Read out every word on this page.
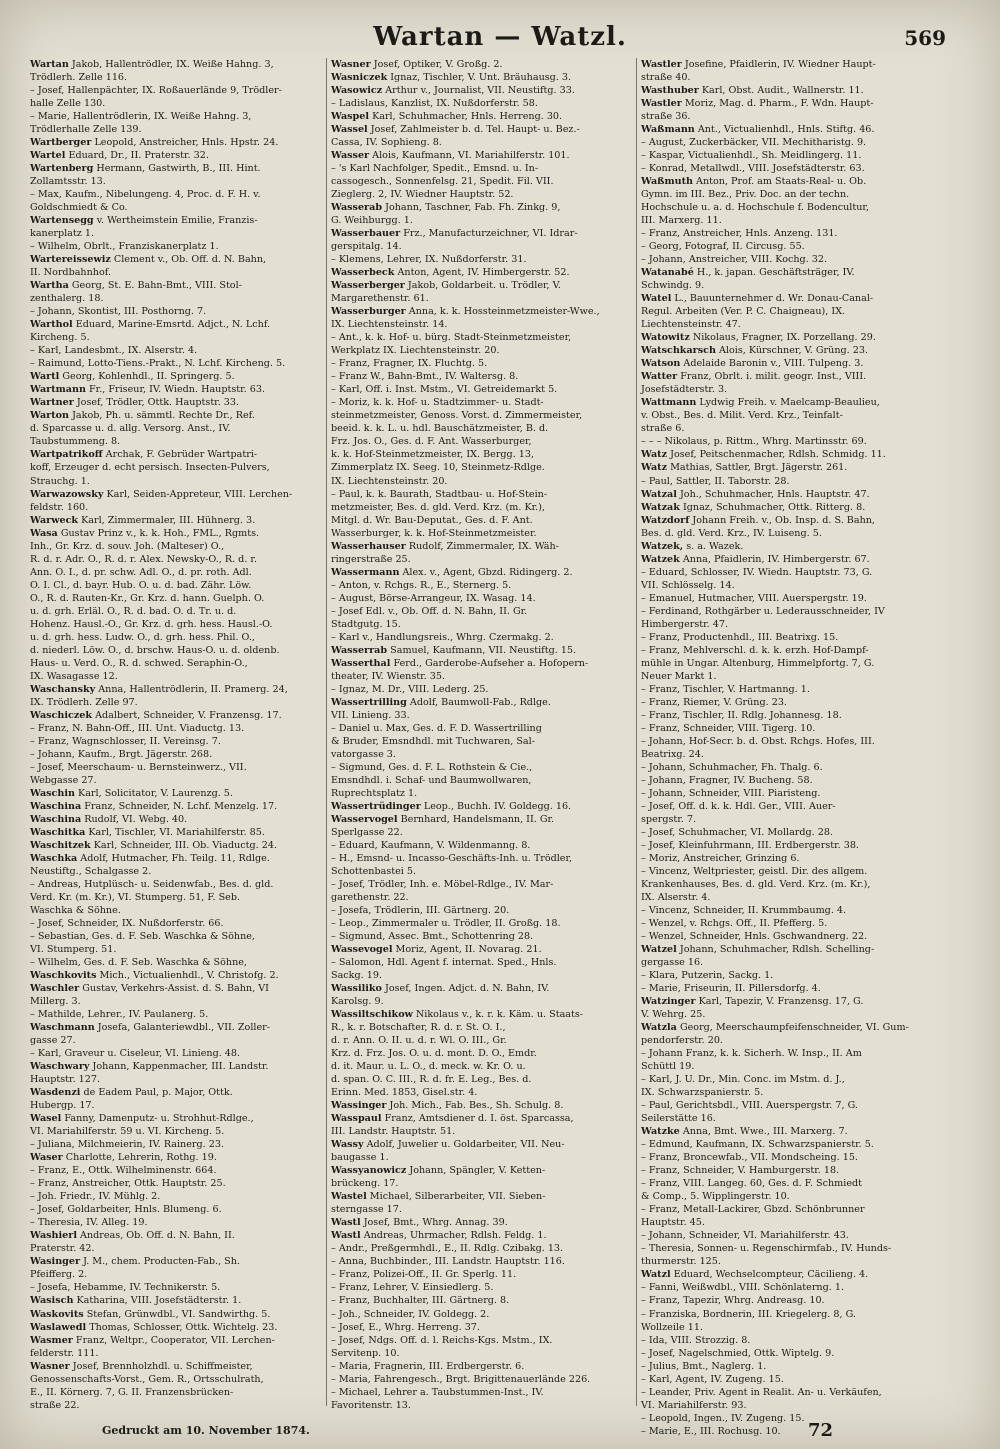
Wartan — Watzl.	569
Wartan Jakob, Hallentrödler, IX. Weiße Hahng. 3,
Trödlerh. Zelle 116.
– Josef, Hallenpächter, IX. Roßauerlände 9, Trödler-
halle Zelle 130.
– Marie, Hallentrödlerin, IX. Weiße Hahng. 3,
Trödlerhalle Zelle 139.
Wartberger Leopold, Anstreicher, Hnls. Hpstr. 24.
Wartel Eduard, Dr., II. Praterstr. 32.
Wartenberg Hermann, Gastwirth, B., III. Hint.
Zollamtsstr. 13.
– Max, Kaufm., Nibelungeng. 4, Proc. d. F. H. v.
Goldschmiedt & Co.
Wartensegg v. Wertheimstein Emilie, Franzis-
kanerplatz 1.
– Wilhelm, Obrlt., Franziskanerplatz 1.
Wartereissewiz Clement v., Ob. Off. d. N. Bahn,
II. Nordbahnhof.
Wartha Georg, St. E. Bahn-Bmt., VIII. Stol-
zenthalerg. 18.
– Johann, Skontist, III. Posthorng. 7.
Warthol Eduard, Marine-Emsrtd. Adjct., N. Lchf.
Kircheng. 5.
– Karl, Landesbmt., IX. Alserstr. 4.
– Raimund, Lotto-Tiens.-Prakt., N. Lchf. Kircheng. 5.
Wartl Georg, Kohlenhdl., II. Springerg. 5.
Wartmann Fr., Friseur, IV. Wiedn. Hauptstr. 63.
Wartner Josef, Trödler, Ottk. Hauptstr. 33.
Warton Jakob, Ph. u. sämmtl. Rechte Dr., Ref.
d. Sparcasse u. d. allg. Versorg. Anst., IV.
Taubstummeng. 8.
Wartpatrikoff Archak, F. Gebrüder Wartpatri-
koff, Erzeuger d. echt persisch. Insecten-Pulvers,
Strauchg. 1.
Warwazowsky Karl, Seiden-Appreteur, VIII. Lerchen-
feldstr. 160.
Warweck Karl, Zimmermaler, III. Hühnerg. 3.
Wasa Gustav Prinz v., k. k. Hoh., FML., Rgmts.
Inh., Gr. Krz. d. souv. Joh. (Malteser) O.,
R. d. r. Adr. O., R. d. r. Alex. Newsky-O., R. d. r.
Ann. O. I., d. pr. schw. Adl. O., d. pr. roth. Adl.
O. I. Cl., d. bayr. Hub. O. u. d. bad. Zähr. Löw.
O., R. d. Rauten-Kr., Gr. Krz. d. hann. Guelph. O.
u. d. grh. Erläl. O., R. d. bad. O. d. Tr. u. d.
Hohenz. Hausl.-O., Gr. Krz. d. grh. hess. Hausl.-O.
u. d. grh. hess. Ludw. O., d. grh. hess. Phil. O.,
d. niederl. Löw. O., d. brschw. Haus-O. u. d. oldenb.
Haus- u. Verd. O., R. d. schwed. Seraphin-O.,
IX. Wasagasse 12.
Waschansky Anna, Hallentrödlerin, II. Pramerg. 24,
IX. Trödlerh. Zelle 97.
Waschiczek Adalbert, Schneider, V. Franzensg. 17.
– Franz, N. Bahn-Off., III. Unt. Viaductg. 13.
– Franz, Wagnschlosser, II. Vereinsg. 7.
– Johann, Kaufm., Brgt. Jägerstr. 268.
– Josef, Meerschaum- u. Bernsteinwerz., VII.
Webgasse 27.
Waschin Karl, Solicitator, V. Laurenzg. 5.
Waschina Franz, Schneider, N. Lchf. Menzelg. 17.
Waschina Rudolf, VI. Webg. 40.
Waschitka Karl, Tischler, VI. Mariahilferstr. 85.
Waschitzek Karl, Schneider, III. Ob. Viaductg. 24.
Waschka Adolf, Hutmacher, Fh. Teilg. 11, Rdlge.
Neustiftg., Schalgasse 2.
– Andreas, Hutplüsch- u. Seidenwfab., Bes. d. gld.
Verd. Kr. (m. Kr.), VI. Stumperg. 51, F. Seb.
Waschka & Söhne.
– Josef, Schneider, IX. Nußdorferstr. 66.
– Sebastian, Ges. d. F. Seb. Waschka & Söhne,
VI. Stumperg. 51.
– Wilhelm, Ges. d. F. Seb. Waschka & Söhne,
Waschkovits Mich., Victualienhdl., V. Christofg. 2.
Waschler Gustav, Verkehrs-Assist. d. S. Bahn, VI
Millerg. 3.
– Mathilde, Lehrer., IV. Paulanerg. 5.
Waschmann Josefa, Galanteriewdbl., VII. Zoller-
gasse 27.
– Karl, Graveur u. Ciseleur, VI. Linieng. 48.
Waschwary Johann, Kappenmacher, III. Landstr.
Hauptstr. 127.
Wasdenzi de Eadem Paul, p. Major, Ottk.
Hubergp. 17.
Wasel Fanny, Damenputz- u. Strohhut-Rdlge.,
VI. Mariahilferstr. 59 u. VI. Kircheng. 5.
– Juliana, Milchmeierin, IV. Rainerg. 23.
Waser Charlotte, Lehrerin, Rothg. 19.
– Franz, E., Ottk. Wilhelminenstr. 664.
– Franz, Anstreicher, Ottk. Hauptstr. 25.
– Joh. Friedr., IV. Mühlg. 2.
– Josef, Goldarbeiter, Hnls. Blumeng. 6.
– Theresia, IV. Alleg. 19.
Washierl Andreas, Ob. Off. d. N. Bahn, II.
Praterstr. 42.
Wasinger J. M., chem. Producten-Fab., Sh.
Pfeifferg. 2.
– Josefa, Hebamme, IV. Technikerstr. 5.
Wasisch Katharina, VIII. Josefstädterstr. 1.
Waskovits Stefan, Grünwdbl., VI. Sandwirthg. 5.
Waslawedl Thomas, Schlosser, Ottk. Wichtelg. 23.
Wasmer Franz, Weltpr., Cooperator, VII. Lerchen-
felderstr. 111.
Wasner Josef, Brennholzhdl. u. Schiffmeister,
Genossenschafts-Vorst., Gem. R., Ortsschulrath,
E., II. Körnerg. 7, G. II. Franzensbrücken-
straße 22.
Wasner Josef, Optiker, V. Großg. 2.
Wasniczek Ignaz, Tischler, V. Unt. Bräuhausg. 3.
Wasowicz Arthur v., Journalist, VII. Neustiftg. 33.
– Ladislaus, Kanzlist, IX. Nußdorferstr. 58.
Waspel Karl, Schuhmacher, Hnls. Herreng. 30.
Wassel Josef, Zahlmeister b. d. Tel. Haupt- u. Bez.-
Cassa, IV. Sophieng. 8.
Wasser Alois, Kaufmann, VI. Mariahilferstr. 101.
– 's Karl Nachfolger, Spedit., Emsnd. u. In-
cassogesch., Sonnenfelsg. 21, Spedit. Fil. VII.
Zieglerg. 2, IV. Wiedner Hauptstr. 52.
Wasserab Johann, Taschner, Fab. Fh. Zinkg. 9,
G. Weihburgg. 1.
Wasserbauer Frz., Manufacturzeichner, VI. Idrar-
gerspitalg. 14.
– Klemens, Lehrer, IX. Nußdorferstr. 31.
Wasserbeck Anton, Agent, IV. Himbergerstr. 52.
Wasserberger Jakob, Goldarbeit. u. Trödler, V.
Margarethenstr. 61.
Wasserburger Anna, k. k. Hossteinmetzmeister-Wwe.,
IX. Liechtensteinstr. 14.
– Ant., k. k. Hof- u. bürg. Stadt-Steinmetzmeister,
Werkplatz IX. Liechtensteinstr. 20.
– Franz, Fragner, IX. Fluchtg. 5.
– Franz W., Bahn-Bmt., IV. Waltersg. 8.
– Karl, Off. i. Inst. Mstm., VI. Getreidemarkt 5.
– Moriz, k. k. Hof- u. Stadtzimmer- u. Stadt-
steinmetzmeister, Genoss. Vorst. d. Zimmermeister,
beeid. k. k. L. u. hdl. Bauschätzmeister, B. d.
Frz. Jos. O., Ges. d. F. Ant. Wasserburger,
k. k. Hof-Steinmetzmeister, IX. Bergg. 13,
Zimmerplatz IX. Seeg. 10, Steinmetz-Rdlge.
IX. Liechtensteinstr. 20.
– Paul, k. k. Baurath, Stadtbau- u. Hof-Stein-
metzmeister, Bes. d. gld. Verd. Krz. (m. Kr.),
Mitgl. d. Wr. Bau-Deputat., Ges. d. F. Ant.
Wasserburger, k. k. Hof-Steinmetzmeister.
Wasserhauser Rudolf, Zimmermaler, IX. Wäh-
ringerstraße 25.
Wassermann Alex. v., Agent, Gbzd. Ridingerg. 2.
– Anton, v. Rchgs. R., E., Sternerg. 5.
– August, Börse-Arrangeur, IX. Wasag. 14.
– Josef Edl. v., Ob. Off. d. N. Bahn, II. Gr.
Stadtgutg. 15.
– Karl v., Handlungsreis., Whrg. Czermakg. 2.
Wasserrab Samuel, Kaufmann, VII. Neustiftg. 15.
Wasserthal Ferd., Garderobe-Aufseher a. Hofopern-
theater, IV. Wienstr. 35.
– Ignaz, M. Dr., VIII. Lederg. 25.
Wassertrilling Adolf, Baumwoll-Fab., Rdlge.
VII. Linieng. 33.
– Daniel u. Max, Ges. d. F. D. Wassertrilling
& Bruder, Emsndhdl. mit Tuchwaren, Sal-
vatorgasse 3.
– Sigmund, Ges. d. F. L. Rothstein & Cie.,
Emsndhdl. i. Schaf- und Baumwollwaren,
Ruprechtsplatz 1.
Wassertrüdinger Leop., Buchh. IV. Goldegg. 16.
Wasservogel Bernhard, Handelsmann, II. Gr.
Sperlgasse 22.
– Eduard, Kaufmann, V. Wildenmanng. 8.
– H., Emsnd- u. Incasso-Geschäfts-Inh. u. Trödler,
Schottenbastei 5.
– Josef, Trödler, Inh. e. Möbel-Rdlge., IV. Mar-
garethenstr. 22.
– Josefa, Trödlerin, III. Gärtnerg. 20.
– Leop., Zimmermaler u. Trödler, II. Großg. 18.
– Sigmund, Assec. Bmt., Schottenring 28.
Wassevogel Moriz, Agent, II. Novarag. 21.
– Salomon, Hdl. Agent f. internat. Sped., Hnls.
Sackg. 19.
Wassiliko Josef, Ingen. Adjct. d. N. Bahn, IV.
Karolsg. 9.
Wassiltschikow Nikolaus v., k. r. k. Käm. u. Staats-
R., k. r. Botschafter, R. d. r. St. O. I.,
d. r. Ann. O. II. u. d. r. Wl. O. III., Gr.
Krz. d. Frz. Jos. O. u. d. mont. D. O., Emdr.
d. it. Maur. u. L. O., d. meck. w. Kr. O. u.
d. span. O. C. III., R. d. fr. E. Leg., Bes. d.
Erinn. Med. 1853, Gisel.str. 4.
Wassinger Joh. Mich., Fab. Bes., Sh. Schulg. 8.
Wasspaul Franz, Amtsdiener d. I. öst. Sparcassa,
III. Landstr. Hauptstr. 51.
Wassy Adolf, Juwelier u. Goldarbeiter, VII. Neu-
baugasse 1.
Wassyanowicz Johann, Spängler, V. Ketten-
brückeng. 17.
Wastel Michael, Silberarbeiter, VII. Sieben-
sterngasse 17.
Wastl Josef, Bmt., Whrg. Annag. 39.
Wastl Andreas, Uhrmacher, Rdlsh. Feldg. 1.
– Andr., Preßgermhdl., E., II. Rdlg. Czibakg. 13.
– Anna, Buchbinder., III. Landstr. Hauptstr. 116.
– Franz, Polizei-Off., II. Gr. Sperlg. 11.
– Franz, Lehrer, V. Einsiedlerg. 5.
– Franz, Buchhalter, III. Gärtnerg. 8.
– Joh., Schneider, IV. Goldegg. 2.
– Josef, E., Whrg. Herreng. 37.
– Josef, Ndgs. Off. d. l. Reichs-Kgs. Mstm., IX.
Servitenp. 10.
– Maria, Fragnerin, III. Erdbergerstr. 6.
– Maria, Fahrengesch., Brgt. Brigittenauerlände 226.
– Michael, Lehrer a. Taubstummen-Inst., IV.
Favoritenstr. 13.
Wastler Josefine, Pfaidlerin, IV. Wiedner Haupt-
straße 40.
Wasthuber Karl, Obst. Audit., Wallnerstr. 11.
Wastler Moriz, Mag. d. Pharm., F. Wdn. Haupt-
straße 36.
Waßmann Ant., Victualienhdl., Hnls. Stiftg. 46.
– August, Zuckerbäcker, VII. Mechitharistg. 9.
– Kaspar, Victualienhdl., Sh. Meidlingerg. 11.
– Konrad, Metallwdl., VIII. Josefstädterstr. 63.
Waßmuth Anton, Prof. am Staats-Real- u. Ob.
Gymn. im III. Bez., Priv. Doc. an der techn.
Hochschule u. a. d. Hochschule f. Bodencultur,
III. Marxerg. 11.
– Franz, Anstreicher, Hnls. Anzeng. 131.
– Georg, Fotograf, II. Circusg. 55.
– Johann, Anstreicher, VIII. Kochg. 32.
Watanabé H., k. japan. Geschäftsträger, IV.
Schwindg. 9.
Watel L., Bauunternehmer d. Wr. Donau-Canal-
Regul. Arbeiten (Ver. P. C. Chaigneau), IX.
Liechtensteinstr. 47.
Watowitz Nikolaus, Fragner, IX. Porzellang. 29.
Watschkarsch Alois, Kürschner, V. Grüng. 23.
Watson Adelaide Baronin v., VIII. Tulpeng. 3.
Watter Franz, Obrlt. i. milit. geogr. Inst., VIII.
Josefstädterstr. 3.
Wattmann Lydwig Freih. v. Maelcamp-Beaulieu,
v. Obst., Bes. d. Milit. Verd. Krz., Teinfalt-
straße 6.
– – – Nikolaus, p. Rittm., Whrg. Martinsstr. 69.
Watz Josef, Peitschenmacher, Rdlsh. Schmidg. 11.
Watz Mathias, Sattler, Brgt. Jägerstr. 261.
– Paul, Sattler, II. Taborstr. 28.
Watzal Joh., Schuhmacher, Hnls. Hauptstr. 47.
Watzak Ignaz, Schuhmacher, Ottk. Ritterg. 8.
Watzdorf Johann Freih. v., Ob. Insp. d. S. Bahn,
Bes. d. gld. Verd. Krz., IV. Luiseng. 5.
Watzek, s. a. Wazek.
Watzek Anna, Pfaidlerin, IV. Himbergerstr. 67.
– Eduard, Schlosser, IV. Wiedn. Hauptstr. 73, G.
VII. Schlösselg. 14.
– Emanuel, Hutmacher, VIII. Auerspergstr. 19.
– Ferdinand, Rothgärber u. Lederausschneider, IV
Himbergerstr. 47.
– Franz, Productenhdl., III. Beatrixg. 15.
– Franz, Mehlverschl. d. k. k. erzh. Hof-Dampf-
mühle in Ungar. Altenburg, Himmelpfortg. 7, G.
Neuer Markt 1.
– Franz, Tischler, V. Hartmanng. 1.
– Franz, Riemer, V. Grüng. 23.
– Franz, Tischler, II. Rdlg. Johannesg. 18.
– Franz, Schneider, VIII. Tigerg. 10.
– Johann, Hof-Secr. b. d. Obst. Rchgs. Hofes, III.
Beatrixg. 24.
– Johann, Schuhmacher, Fh. Thalg. 6.
– Johann, Fragner, IV. Bucheng. 58.
– Johann, Schneider, VIII. Piaristeng.
– Josef, Off. d. k. k. Hdl. Ger., VIII. Auer-
spergstr. 7.
– Josef, Schuhmacher, VI. Mollardg. 28.
– Josef, Kleinfuhrmann, III. Erdbergerstr. 38.
– Moriz, Anstreicher, Grinzing 6.
– Vincenz, Weltpriester, geistl. Dir. des allgem.
Krankenhauses, Bes. d. gld. Verd. Krz. (m. Kr.),
IX. Alserstr. 4.
– Vincenz, Schneider, II. Krummbaumg. 4.
– Wenzel, v. Rchgs. Off., II. Pfefferg. 5.
– Wenzel, Schneider, Hnls. Gschwandnerg. 22.
Watzel Johann, Schuhmacher, Rdlsh. Schelling-
gergasse 16.
– Klara, Putzerin, Sackg. 1.
– Marie, Friseurin, II. Pillersdorfg. 4.
Watzinger Karl, Tapezir, V. Franzensg. 17, G.
V. Wehrg. 25.
Watzla Georg, Meerschaumpfeifenschneider, VI. Gum-
pendorferstr. 20.
– Johann Franz, k. k. Sicherh. W. Insp., II. Am
Schüttl 19.
– Karl, J. U. Dr., Min. Conc. im Mstm. d. J.,
IX. Schwarzspanierstr. 5.
– Paul, Gerichtsbdl., VIII. Auerspergstr. 7, G.
Seilerstätte 16.
Watzke Anna, Bmt. Wwe., III. Marxerg. 7.
– Edmund, Kaufmann, IX. Schwarzspanierstr. 5.
– Franz, Broncewfab., VII. Mondscheing. 15.
– Franz, Schneider, V. Hamburgerstr. 18.
– Franz, VIII. Langeg. 60, Ges. d. F. Schmiedt
& Comp., 5. Wipplingerstr. 10.
– Franz, Metall-Lackirer, Gbzd. Schönbrunner
Hauptstr. 45.
– Johann, Schneider, VI. Mariahilferstr. 43.
– Theresia, Sonnen- u. Regenschirmfab., IV. Hunds-
thurmerstr. 125.
Watzl Eduard, Wechselcompteur, Cäcilieng. 4.
– Fanni, Weißwdbl., VIII. Schönlaterng. 1.
– Franz, Tapezir, Whrg. Andreasg. 10.
– Franziska, Bordnerin, III. Kriegelerg. 8, G.
Wollzeile 11.
– Ida, VIII. Strozzig. 8.
– Josef, Nagelschmied, Ottk. Wiptelg. 9.
– Julius, Bmt., Naglerg. 1.
– Karl, Agent, IV. Zugeng. 15.
– Leander, Priv. Agent in Realit. An- u. Verkäufen,
VI. Mariahilferstr. 93.
– Leopold, Ingen., IV. Zugeng. 15.
– Marie, E., III. Rochusg. 10.
Gedruckt am 10. November 1874.	72
